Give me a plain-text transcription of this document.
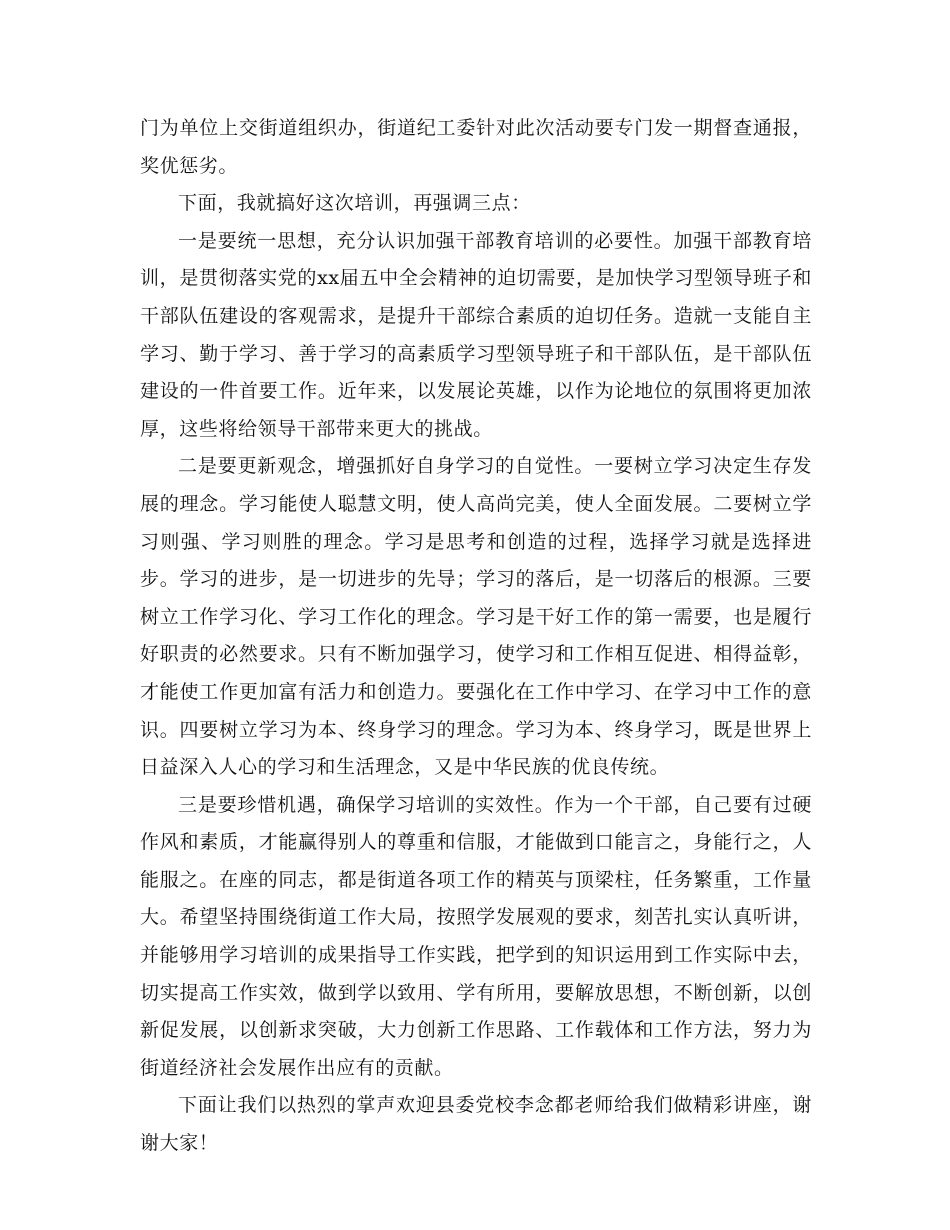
门为单位上交街道组织办，街道纪工委针对此次活动要专门发一期督查通报，奖优惩劣。

下面，我就搞好这次培训，再强调三点：

一是要统一思想，充分认识加强干部教育培训的必要性。加强干部教育培训，是贯彻落实党的xx届五中全会精神的迫切需要，是加快学习型领导班子和干部队伍建设的客观需求，是提升干部综合素质的迫切任务。造就一支能自主学习、勤于学习、善于学习的高素质学习型领导班子和干部队伍，是干部队伍建设的一件首要工作。近年来，以发展论英雄，以作为论地位的氛围将更加浓厚，这些将给领导干部带来更大的挑战。

二是要更新观念，增强抓好自身学习的自觉性。一要树立学习决定生存发展的理念。学习能使人聪慧文明，使人高尚完美，使人全面发展。二要树立学习则强、学习则胜的理念。学习是思考和创造的过程，选择学习就是选择进步。学习的进步，是一切进步的先导；学习的落后，是一切落后的根源。三要树立工作学习化、学习工作化的理念。学习是干好工作的第一需要，也是履行好职责的必然要求。只有不断加强学习，使学习和工作相互促进、相得益彰，才能使工作更加富有活力和创造力。要强化在工作中学习、在学习中工作的意识。四要树立学习为本、终身学习的理念。学习为本、终身学习，既是世界上日益深入人心的学习和生活理念，又是中华民族的优良传统。

三是要珍惜机遇，确保学习培训的实效性。作为一个干部，自己要有过硬作风和素质，才能赢得别人的尊重和信服，才能做到口能言之，身能行之，人能服之。在座的同志，都是街道各项工作的精英与顶梁柱，任务繁重，工作量大。希望坚持围绕街道工作大局，按照学发展观的要求，刻苦扎实认真听讲，并能够用学习培训的成果指导工作实践，把学到的知识运用到工作实际中去，切实提高工作实效，做到学以致用、学有所用，要解放思想，不断创新，以创新促发展，以创新求突破，大力创新工作思路、工作载体和工作方法，努力为街道经济社会发展作出应有的贡献。

下面让我们以热烈的掌声欢迎县委党校李念都老师给我们做精彩讲座，谢谢大家！
